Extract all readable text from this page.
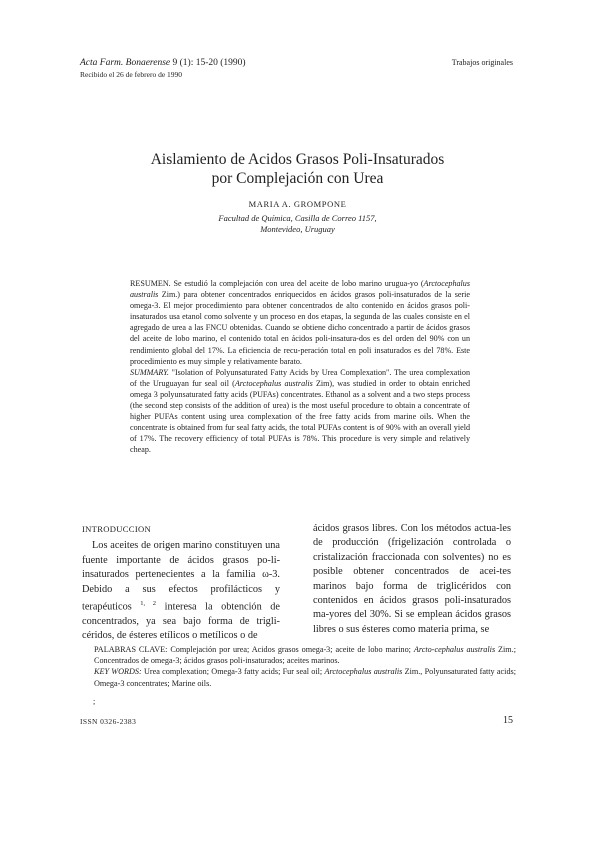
Acta Farm. Bonaerense 9 (1): 15-20 (1990)
Recibido el 26 de febrero de 1990
Trabajos originales
Aislamiento de Acidos Grasos Poli-Insaturados
por Complejación con Urea
MARIA A. GROMPONE
Facultad de Química, Casilla de Correo 1157,
Montevideo, Uruguay

RESUMEN. Se estudió la complejación con urea del aceite de lobo marino urugua-yo (Arctocephalus australis Zim.) para obtener concentrados enriquecidos en ácidos grasos poli-insaturados de la serie omega-3. El mejor procedimiento para obtener concentrados de alto contenido en ácidos grasos poli-insaturados usa etanol como solvente y un proceso en dos etapas, la segunda de las cuales consiste en el agregado de urea a las FNCU obtenidas. Cuando se obtiene dicho concentrado a partir de ácidos grasos del aceite de lobo marino, el contenido total en ácidos poli-insatura-dos es del orden del 90% con un rendimiento global del 17%. La eficiencia de recu-peración total en poli insaturados es del 78%. Este procedimiento es muy simple y relativamente barato.

SUMMARY. "Isolation of Polyunsaturated Fatty Acids by Urea Complexation". The urea complexation of the Uruguayan fur seal oil (Arctocephalus australis Zim), was studied in order to obtain enriched omega 3 polyunsaturated fatty acids (PUFAs) concentrates. Ethanol as a solvent and a two steps process (the second step consists of the addition of urea) is the most useful procedure to obtain a concentrate of higher PUFAs content using urea complexation of the free fatty acids from marine oils. When the concentrate is obtained from fur seal fatty acids, the total PUFAs content is of 90% with an overall yield of 17%. The recovery efficiency of total PUFAs is 78%. This procedure is very simple and relatively cheap.

INTRODUCCION

Los aceites de origen marino constituyen una fuente importante de ácidos grasos po-li-insaturados pertenecientes a la familia ω-3. Debido a sus efectos profilácticos y terapéuticos $^{1, 2}$ interesa la obtención de concentrados, ya sea bajo forma de trigli-céridos, de ésteres etílicos o metílicos o de

ácidos grasos libres. Con los métodos actua-les de producción (frigelización controlada o cristalización fraccionada con solventes) no es posible obtener concentrados de acei-tes marinos bajo forma de triglicéridos con contenidos en ácidos grasos poli-insaturados ma-yores del 30%. Si se emplean ácidos grasos libres o sus ésteres como materia prima, se

PALABRAS CLAVE: Complejación por urea; Acidos grasos omega-3; aceite de lobo marino; Arcto-cephalus australis Zim.; Concentrados de omega-3; ácidos grasos poli-insaturados; aceites marinos.

KEY WORDS: Urea complexation; Omega-3 fatty acids; Fur seal oil; Arctocephalus australis Zim., Polyunsaturated fatty acids; Omega-3 concentrates; Marine oils.

;
ISSN 0326-2383	15
